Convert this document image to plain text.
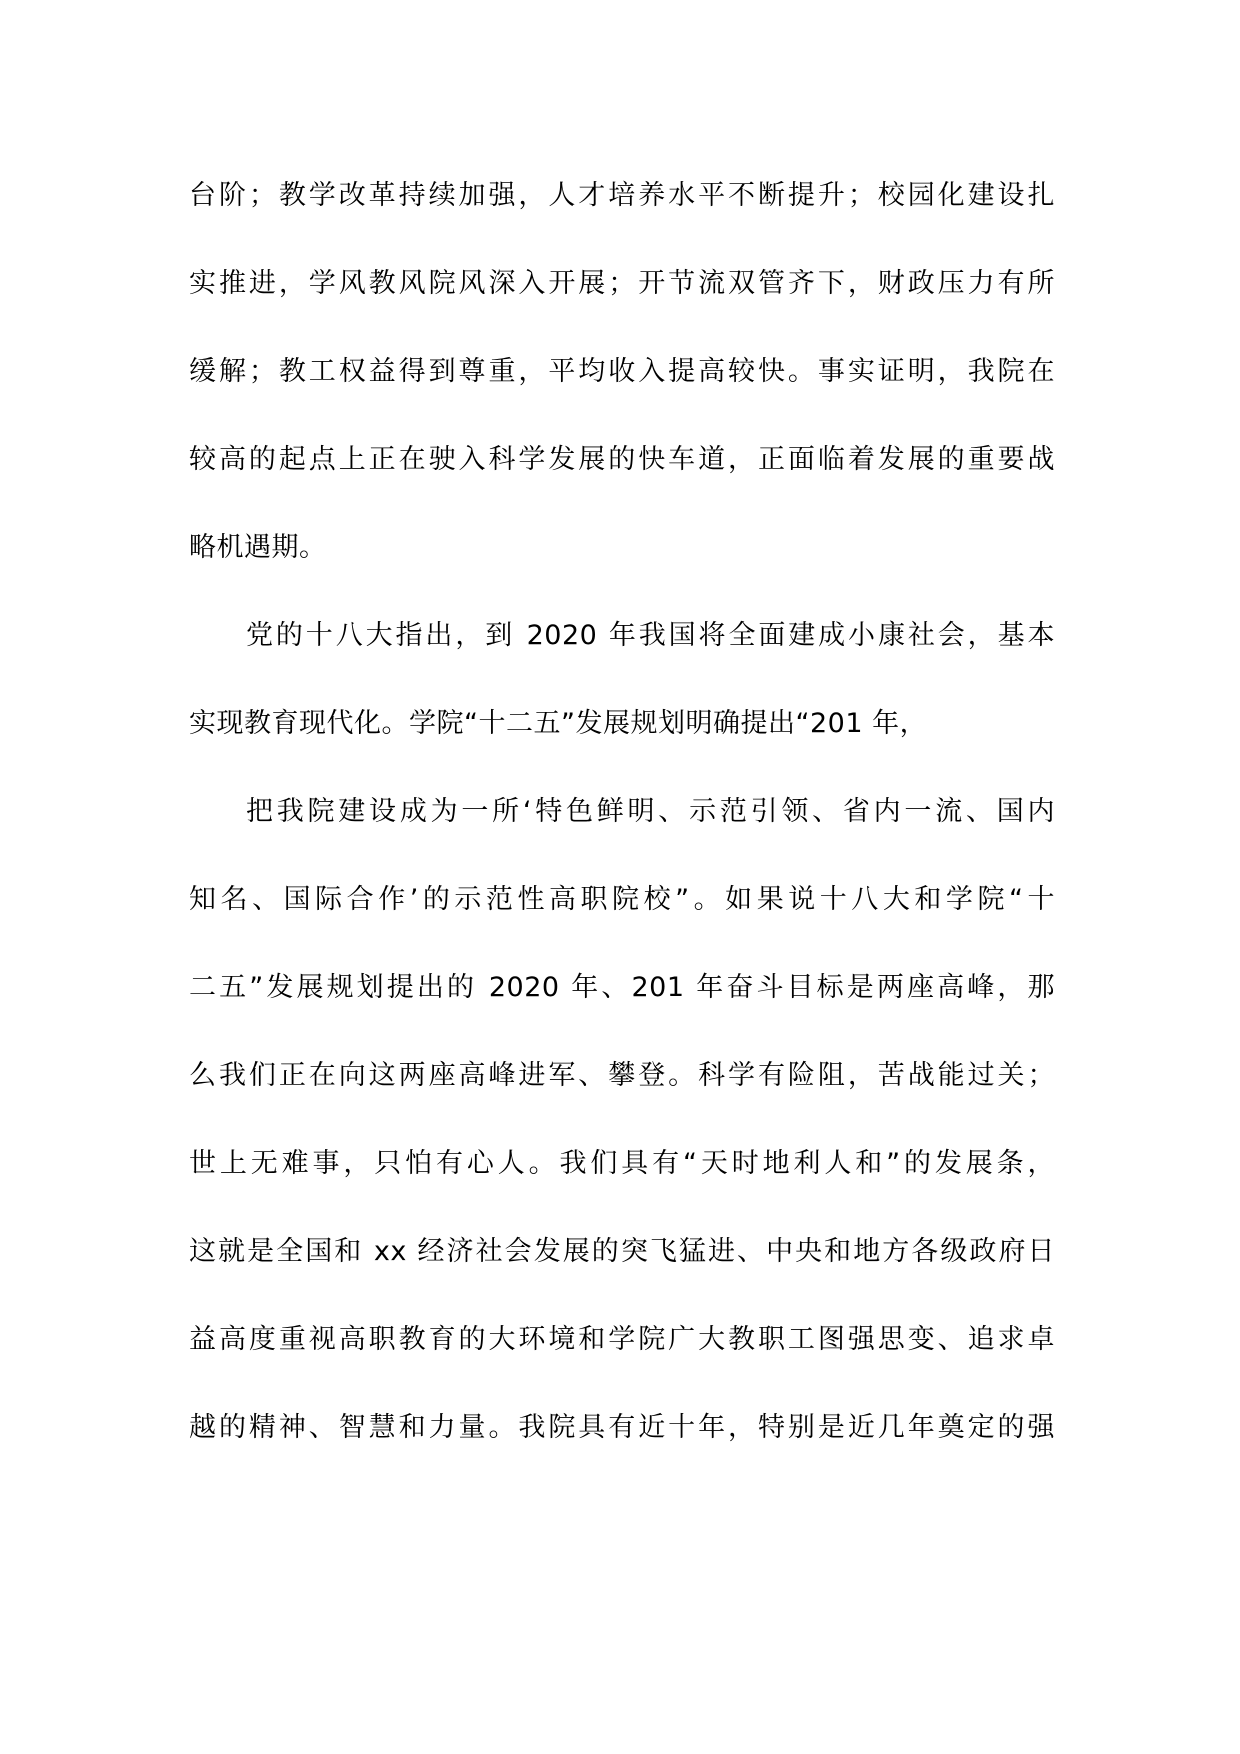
台阶；教学改革持续加强，人才培养水平不断提升；校园化建设扎

实推进，学风教风院风深入开展；开节流双管齐下，财政压力有所

缓解；教工权益得到尊重，平均收入提高较快。事实证明，我院在

较高的起点上正在驶入科学发展的快车道，正面临着发展的重要战

略机遇期。

党的十八大指出，到 2020 年我国将全面建成小康社会，基本

实现教育现代化。学院“十二五”发展规划明确提出“201 年，

把我院建设成为一所‘特色鲜明、示范引领、省内一流、国内

知名、国际合作’的示范性高职院校”。如果说十八大和学院“十

二五”发展规划提出的 2020 年、201 年奋斗目标是两座高峰，那

么我们正在向这两座高峰进军、攀登。科学有险阻，苦战能过关；

世上无难事，只怕有心人。我们具有“天时地利人和”的发展条，

这就是全国和 xx 经济社会发展的突飞猛进、中央和地方各级政府日

益高度重视高职教育的大环境和学院广大教职工图强思变、追求卓

越的精神、智慧和力量。我院具有近十年，特别是近几年奠定的强
